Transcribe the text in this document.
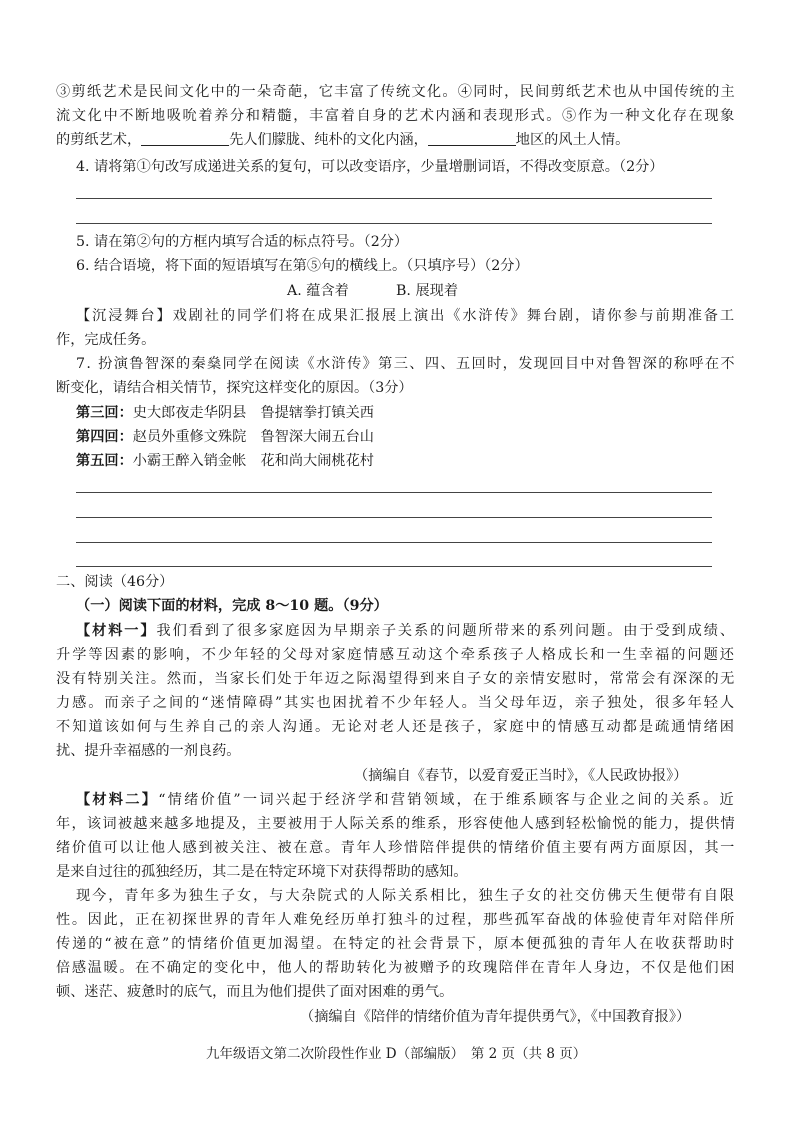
③剪纸艺术是民间文化中的一朵奇葩，它丰富了传统文化。④同时，民间剪纸艺术也从中国传统的主
流文化中不断地吸吮着养分和精髓，丰富着自身的艺术内涵和表现形式。⑤作为一种文化存在现象
的剪纸艺术，	先人们朦胧、纯朴的文化内涵，	地区的风土人情。
4. 请将第①句改写成递进关系的复句，可以改变语序，少量增删词语，不得改变原意。（2分）
5. 请在第②句的方框内填写合适的标点符号。（2分）
6. 结合语境，将下面的短语填写在第⑤句的横线上。（只填序号）（2分）
A. 蕴含着	B. 展现着
【沉浸舞台】戏剧社的同学们将在成果汇报展上演出《水浒传》舞台剧，请你参与前期准备工
作，完成任务。
7. 扮演鲁智深的秦燊同学在阅读《水浒传》第三、四、五回时，发现回目中对鲁智深的称呼在不
断变化，请结合相关情节，探究这样变化的原因。（3分）
第三回：史大郎夜走华阴县　鲁提辖拳打镇关西
第四回：赵员外重修文殊院　鲁智深大闹五台山
第五回：小霸王醉入销金帐　花和尚大闹桃花村
二、阅读（46分）
（一）阅读下面的材料，完成 8～10 题。（9分）
【材料一】我们看到了很多家庭因为早期亲子关系的问题所带来的系列问题。由于受到成绩、
升学等因素的影响，不少年轻的父母对家庭情感互动这个牵系孩子人格成长和一生幸福的问题还
没有特别关注。然而，当家长们处于年迈之际渴望得到来自子女的亲情安慰时，常常会有深深的无
力感。而亲子之间的“迷情障碍”其实也困扰着不少年轻人。当父母年迈，亲子独处，很多年轻人
不知道该如何与生养自己的亲人沟通。无论对老人还是孩子，家庭中的情感互动都是疏通情绪困
扰、提升幸福感的一剂良药。
（摘编自《春节，以爱育爱正当时》，《人民政协报》）
【材料二】“情绪价值”一词兴起于经济学和营销领域，在于维系顾客与企业之间的关系。近
年，该词被越来越多地提及，主要被用于人际关系的维系，形容使他人感到轻松愉悦的能力，提供情
绪价值可以让他人感到被关注、被在意。青年人珍惜陪伴提供的情绪价值主要有两方面原因，其一
是来自过往的孤独经历，其二是在特定环境下对获得帮助的感知。
现今，青年多为独生子女，与大杂院式的人际关系相比，独生子女的社交仿佛天生便带有自限
性。因此，正在初探世界的青年人难免经历单打独斗的过程，那些孤军奋战的体验使青年对陪伴所
传递的“被在意”的情绪价值更加渴望。在特定的社会背景下，原本便孤独的青年人在收获帮助时
倍感温暖。在不确定的变化中，他人的帮助转化为被赠予的玫瑰陪伴在青年人身边，不仅是他们困
顿、迷茫、疲惫时的底气，而且为他们提供了面对困难的勇气。
（摘编自《陪伴的情绪价值为青年提供勇气》，《中国教育报》）
九年级语文第二次阶段性作业 D（部编版）　第 2 页（共 8 页）
